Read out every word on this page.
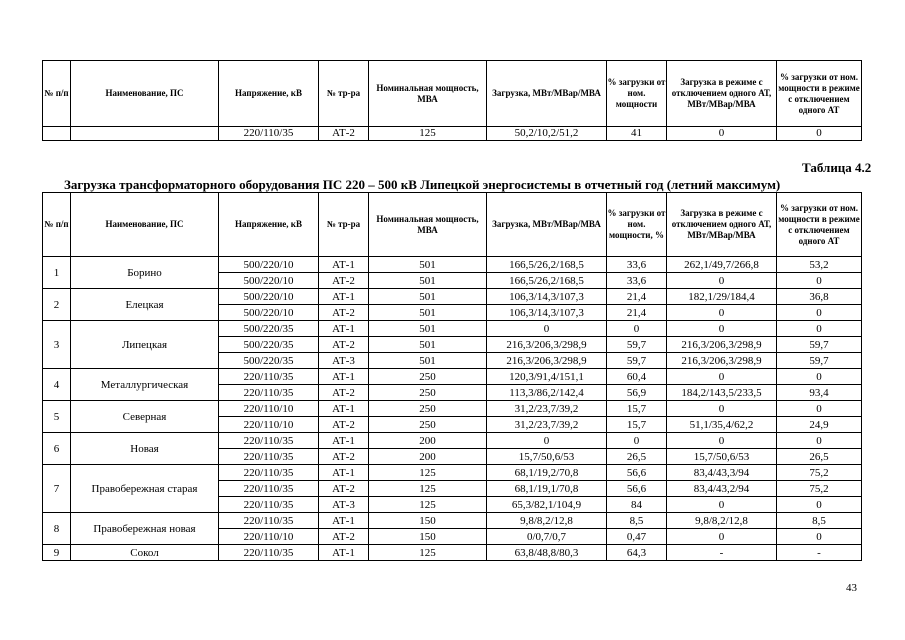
№ п/п	Наименование, ПС	Напряжение, кВ	№ тр-ра	Номинальная мощность, МВА	Загрузка, МВт/МВар/МВА	% загрузки от ном. мощности	Загрузка в режиме с отключением одного АТ, МВт/МВар/МВА	% загрузки от ном. мощности в режиме с отключением одного АТ
		220/110/35	АТ-2	125	50,2/10,2/51,2	41	0	0
Таблица 4.2
Загрузка трансформаторного оборудования ПС 220 – 500 кВ Липецкой энергосистемы в отчетный год (летний максимум)
№ п/п	Наименование, ПС	Напряжение, кВ	№ тр-ра	Номинальная мощность, МВА	Загрузка, МВт/МВар/МВА	% загрузки от ном. мощности, %	Загрузка в режиме с отключением одного АТ, МВт/МВар/МВА	% загрузки от ном. мощности в режиме с отключением одного АТ
1	Борино	500/220/10	АТ-1	501	166,5/26,2/168,5	33,6	262,1/49,7/266,8	53,2
		500/220/10	АТ-2	501	166,5/26,2/168,5	33,6	0	0
2	Елецкая	500/220/10	АТ-1	501	106,3/14,3/107,3	21,4	182,1/29/184,4	36,8
		500/220/10	АТ-2	501	106,3/14,3/107,3	21,4	0	0
3	Липецкая	500/220/35	АТ-1	501	0	0	0	0
		500/220/35	АТ-2	501	216,3/206,3/298,9	59,7	216,3/206,3/298,9	59,7
		500/220/35	АТ-3	501	216,3/206,3/298,9	59,7	216,3/206,3/298,9	59,7
4	Металлургическая	220/110/35	АТ-1	250	120,3/91,4/151,1	60,4	0	0
		220/110/35	АТ-2	250	113,3/86,2/142,4	56,9	184,2/143,5/233,5	93,4
5	Северная	220/110/10	АТ-1	250	31,2/23,7/39,2	15,7	0	0
		220/110/10	АТ-2	250	31,2/23,7/39,2	15,7	51,1/35,4/62,2	24,9
6	Новая	220/110/35	АТ-1	200	0	0	0	0
		220/110/35	АТ-2	200	15,7/50,6/53	26,5	15,7/50,6/53	26,5
7	Правобережная старая	220/110/35	АТ-1	125	68,1/19,2/70,8	56,6	83,4/43,3/94	75,2
		220/110/35	АТ-2	125	68,1/19,1/70,8	56,6	83,4/43,2/94	75,2
		220/110/35	АТ-3	125	65,3/82,1/104,9	84	0	0
8	Правобережная новая	220/110/35	АТ-1	150	9,8/8,2/12,8	8,5	9,8/8,2/12,8	8,5
		220/110/10	АТ-2	150	0/0,7/0,7	0,47	0	0
9	Сокол	220/110/35	АТ-1	125	63,8/48,8/80,3	64,3	-	-
43
